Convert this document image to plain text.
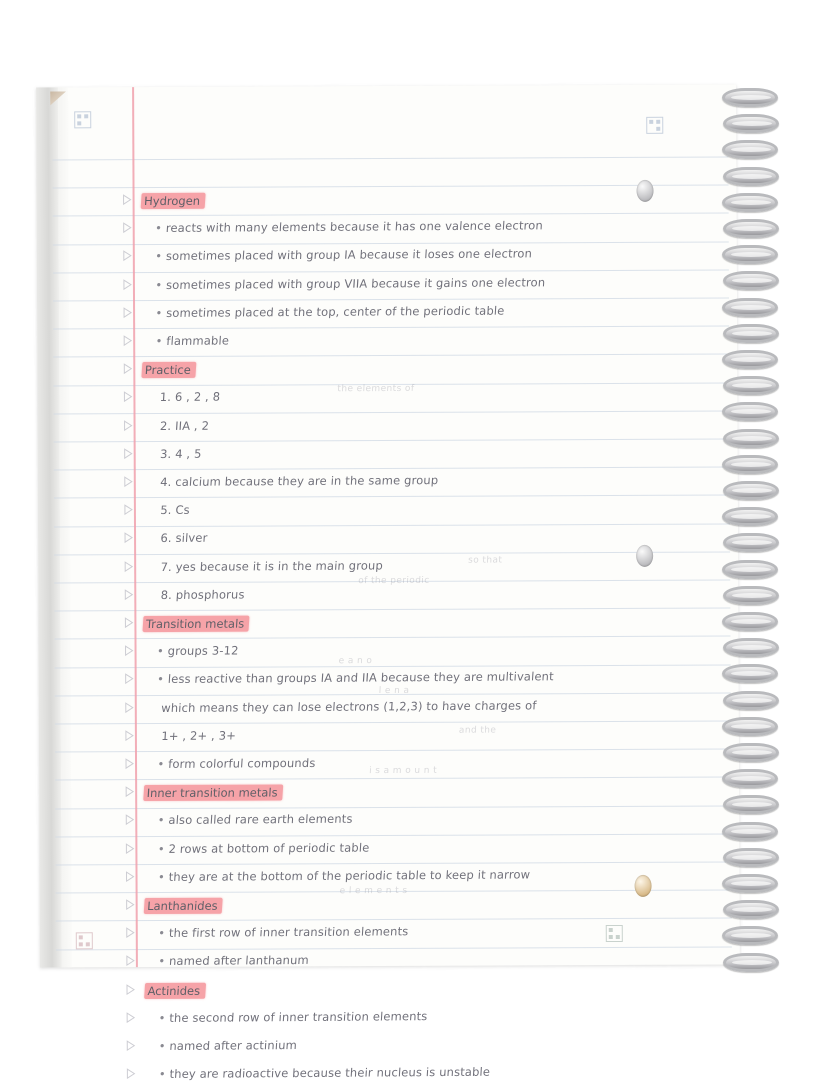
the elements of
so that
of the periodic
e a n o
l e n a
and the
i s a m o u n t
e l e m e n t s
Hydrogen
• reacts with many elements because it has one valence electron
• sometimes placed with group IA because it loses one electron
• sometimes placed with group VIIA because it gains one electron
• sometimes placed at the top, center of the periodic table
• flammable
Practice
1. 6 , 2 , 8
2. IIA , 2
3. 4 , 5
4. calcium because they are in the same group
5. Cs
6. silver
7. yes because it is in the main group
8. phosphorus
Transition metals
• groups 3-12
• less reactive than groups IA and IIA because they are multivalent
which means they can lose electrons (1,2,3) to have charges of
1+ , 2+ , 3+
• form colorful compounds
Inner transition metals
• also called rare earth elements
• 2 rows at bottom of periodic table
• they are at the bottom of the periodic table to keep it narrow
Lanthanides
• the first row of inner transition elements
• named after lanthanum
Actinides
• the second row of inner transition elements
• named after actinium
• they are radioactive because their nucleus is unstable
